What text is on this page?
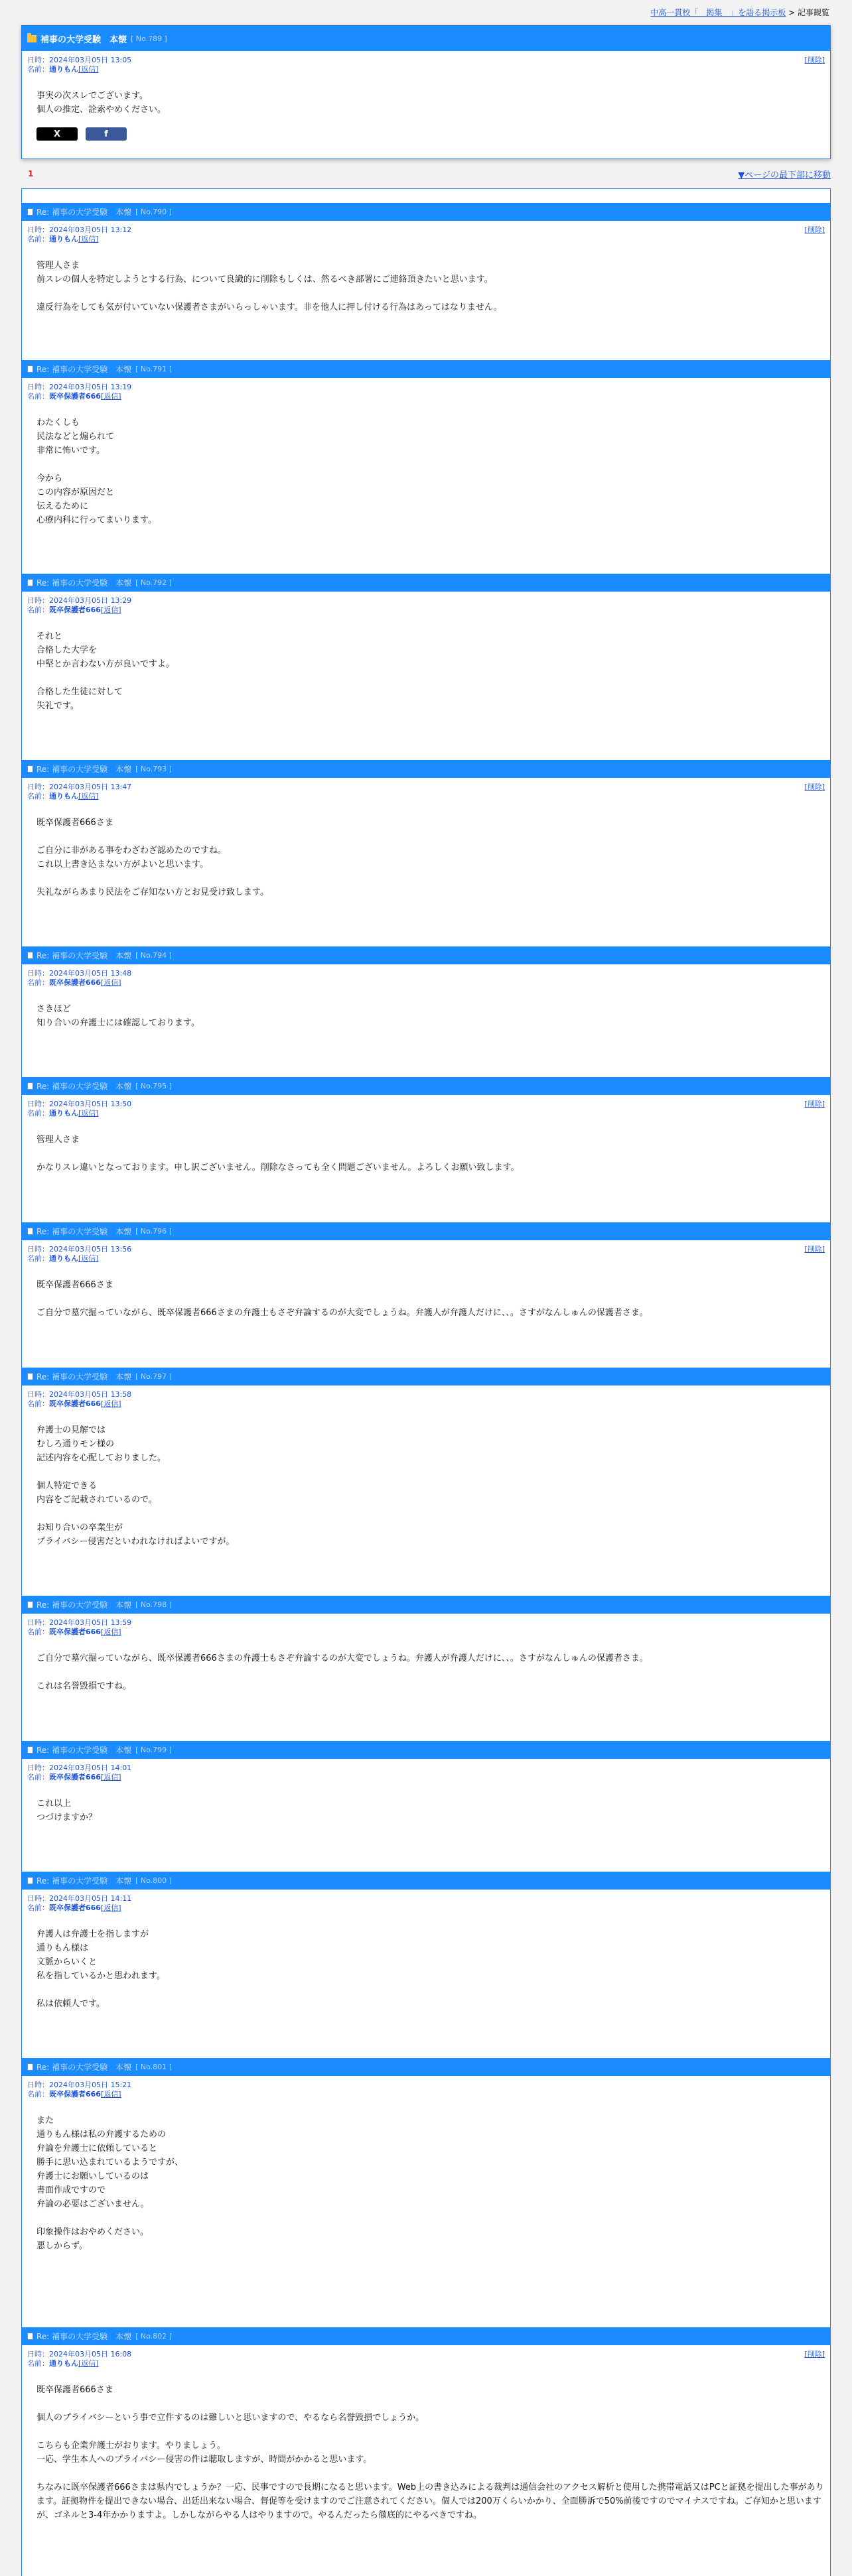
中高一貫校「　掲集　」を語る掲示板 > 記事観覧
補事の大学受験　本懐 [ No.789 ]
日時：2024年03月05日 13:05
名前：通りもん[返信]
[削除]

事実の次スレでございます。
個人の推定、詮索やめください。

X	f
1	▼ページの最下部に移動
Re:
補事の大学受験　本懐 [ No.790 ]
日時：2024年03月05日 13:12
名前：通りもん[返信]
[削除]

管理人さま
前スレの個人を特定しようとする行為、について良識的に削除もしくは、然るべき部署にご連絡頂きたいと思います。

違反行為をしても気が付いていない保護者さまがいらっしゃいます。非を他人に押し付ける行為はあってはなりません。

Re:
補事の大学受験　本懐 [ No.791 ]
日時：2024年03月05日 13:19
名前：既卒保護者666[返信]

わたくしも
民法などと煽られて
非常に怖いです。

今から
この内容が原因だと
伝えるために
心療内科に行ってまいります。

Re:
補事の大学受験　本懐 [ No.792 ]
日時：2024年03月05日 13:29
名前：既卒保護者666[返信]

それと
合格した大学を
中堅とか言わない方が良いですよ。

合格した生徒に対して
失礼です。

Re:
補事の大学受験　本懐 [ No.793 ]
日時：2024年03月05日 13:47
名前：通りもん[返信]
[削除]

既卒保護者666さま

ご自分に非がある事をわざわざ認めたのですね。
これ以上書き込まない方がよいと思います。

失礼ながらあまり民法をご存知ない方とお見受け致します。

Re:
補事の大学受験　本懐 [ No.794 ]
日時：2024年03月05日 13:48
名前：既卒保護者666[返信]

さきほど
知り合いの弁護士には確認しております。

Re:
補事の大学受験　本懐 [ No.795 ]
日時：2024年03月05日 13:50
名前：通りもん[返信]
[削除]

管理人さま

かなりスレ違いとなっております。申し訳ございません。削除なさっても全く問題ございません。よろしくお願い致します。

Re:
補事の大学受験　本懐 [ No.796 ]
日時：2024年03月05日 13:56
名前：通りもん[返信]
[削除]

既卒保護者666さま

ご自分で墓穴掘っていながら、既卒保護者666さまの弁護士もさぞ弁論するのが大変でしょうね。弁護人が弁護人だけに、、。さすがなんしゅんの保護者さま。

Re:
補事の大学受験　本懐 [ No.797 ]
日時：2024年03月05日 13:58
名前：既卒保護者666[返信]

弁護士の見解では
むしろ通りモン様の
記述内容を心配しておりました。

個人特定できる
内容をご記載されているので。

お知り合いの卒業生が
プライバシー侵害だといわれなければよいですが。

Re:
補事の大学受験　本懐 [ No.798 ]
日時：2024年03月05日 13:59
名前：既卒保護者666[返信]

ご自分で墓穴掘っていながら、既卒保護者666さまの弁護士もさぞ弁論するのが大変でしょうね。弁護人が弁護人だけに、、。さすがなんしゅんの保護者さま。

これは名誉毀損ですね。

Re:
補事の大学受験　本懐 [ No.799 ]
日時：2024年03月05日 14:01
名前：既卒保護者666[返信]

これ以上
つづけますか？

Re:
補事の大学受験　本懐 [ No.800 ]
日時：2024年03月05日 14:11
名前：既卒保護者666[返信]

弁護人は弁護士を指しますが
通りもん様は
文脈からいくと
私を指しているかと思われます。

私は依頼人です。

Re:
補事の大学受験　本懐 [ No.801 ]
日時：2024年03月05日 15:21
名前：既卒保護者666[返信]

また
通りもん様は私の弁護するための
弁論を弁護士に依頼していると
勝手に思い込まれているようですが、
弁護士にお願いしているのは
書面作成ですので
弁論の必要はございません。

印象操作はおやめください。
悪しからず。

Re:
補事の大学受験　本懐 [ No.802 ]
日時：2024年03月05日 16:08
名前：通りもん[返信]
[削除]

既卒保護者666さま

個人のプライバシーという事で立件するのは難しいと思いますので、やるなら名誉毀損でしょうか。

こちらも企業弁護士がおります。やりましょう。
一応、学生本人へのプライバシー侵害の件は聴取しますが、時間がかかると思います。

ちなみに既卒保護者666さまは県内でしょうか？一応、民事ですので長期になると思います。Web上の書き込みによる裁判は通信会社のアクセス解析と使用した携帯電話又はPCと証拠を提出した事があります。証拠物件を提出できない場合、出廷出来ない場合、督促等を受けますのでご注意されてください。個人では200万くらいかかり、全面勝訴で50%前後ですのでマイナスですね。ご存知かと思いますが、ゴネルと3-4年かかりますよ。しかしながらやる人はやりますので。やるんだったら徹底的にやるべきですね。
